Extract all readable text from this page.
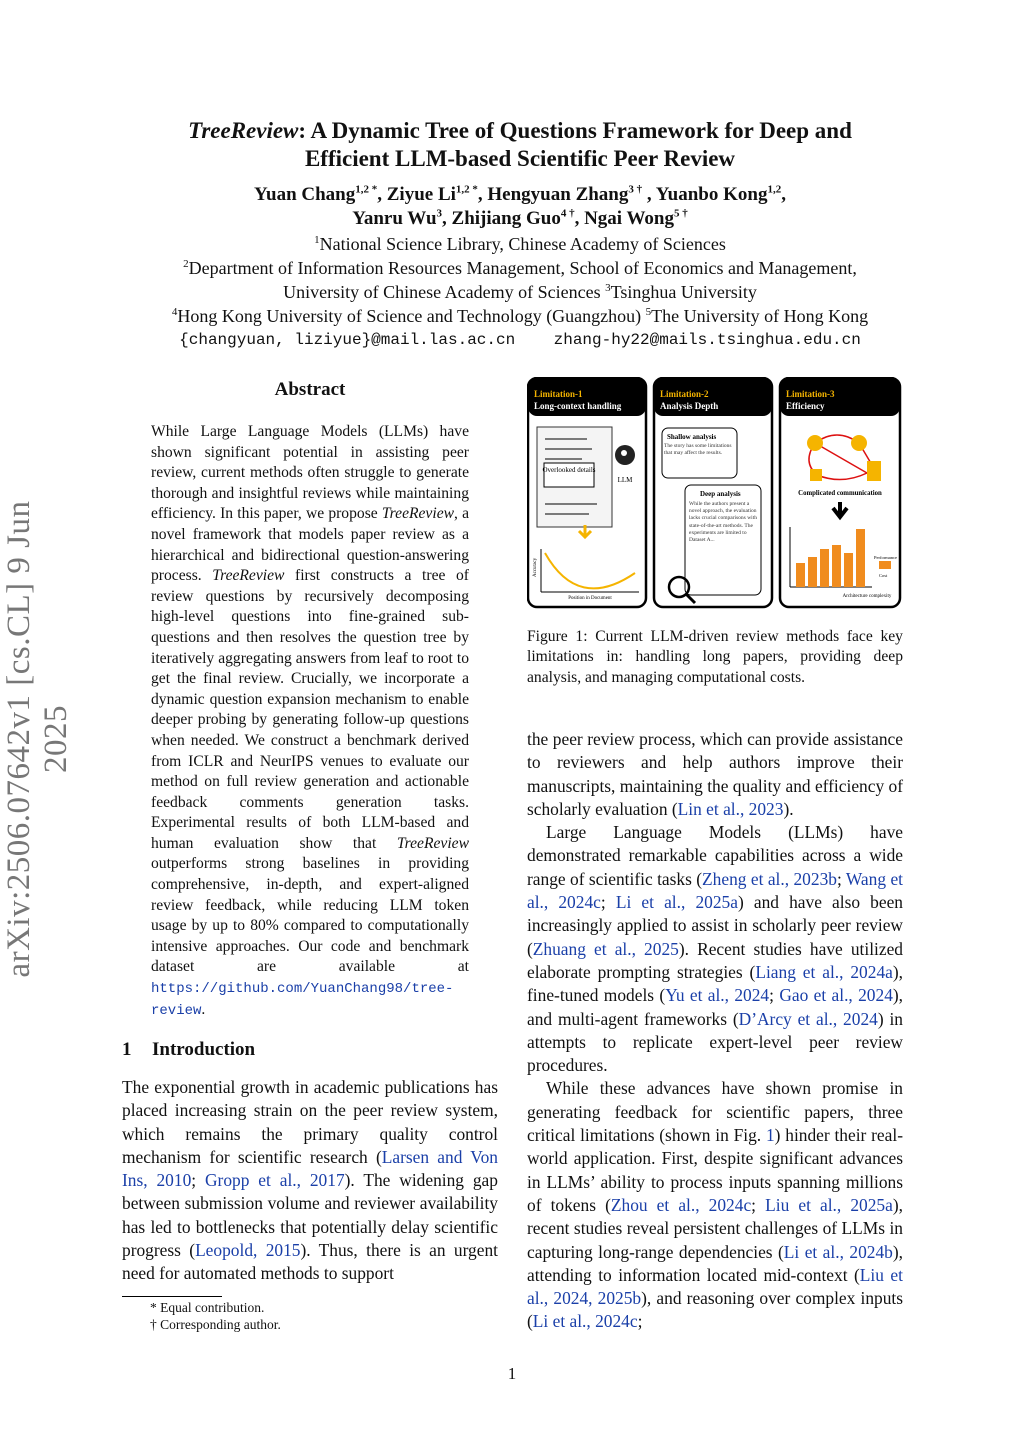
TreeReview: A Dynamic Tree of Questions Framework for Deep and
Efficient LLM-based Scientific Peer Review
Yuan Chang$^{1,2 *}$, Ziyue $Li^{1,2 *}$, Hengyuan Zhang$^{3 \dagger}$ , Yuanbo Kong$^{1,2}$,
Yanru Wu$^3$, Zhijiang Guo$^{4 \dagger}$, Ngai Wong$^{5 \dagger}$
$^1$National Science Library, Chinese Academy of Sciences
$^2$Department of Information Resources Management, School of Economics and Management,
University of Chinese Academy of Sciences $^3$Tsinghua University
$^4$Hong Kong University of Science and Technology (Guangzhou) $^5$The University of Hong Kong
{changyuan, liziyue}@mail.las.ac.cn zhang-hy22@mails.tsinghua.edu.cn
arXiv:2506.07642v1 [cs.CL] 9 Jun 2025
Abstract
While Large Language Models (LLMs) have shown significant potential in assisting peer review, current methods often struggle to generate thorough and insightful reviews while maintaining efficiency. In this paper, we propose TreeReview, a novel framework that models paper review as a hierarchical and bidirectional question-answering process. TreeReview first constructs a tree of review questions by recursively decomposing high-level questions into fine-grained sub-questions and then resolves the question tree by iteratively aggregating answers from leaf to root to get the final review. Crucially, we incorporate a dynamic question expansion mechanism to enable deeper probing by generating follow-up questions when needed. We construct a benchmark derived from ICLR and NeurIPS venues to evaluate our method on full review generation and actionable feedback comments generation tasks. Experimental results of both LLM-based and human evaluation show that TreeReview outperforms strong baselines in providing comprehensive, in-depth, and expert-aligned review feedback, while reducing LLM token usage by up to 80% compared to computationally intensive approaches. Our code and benchmark dataset are available at https://github.com/YuanChang98/tree-review.
1 Introduction

The exponential growth in academic publications has placed increasing strain on the peer review system, which remains the primary quality control mechanism for scientific research (Larsen and Von Ins, 2010; Gropp et al., 2017). The widening gap between submission volume and reviewer availability has led to bottlenecks that potentially delay scientific progress (Leopold, 2015). Thus, there is an urgent need for automated methods to support

* Equal contribution.
† Corresponding author.
Limitation-1
Long-context handling
Overlooked details
LLM
Accuracy
Position in Document
Limitation-2
Analysis Depth
Shallow analysis
The story has some limitations that may affect the results.
Deep analysis
While the authors present a novel approach, the evaluation lacks crucial comparisons with state-of-the-art methods. The experiments are limited to Dataset A...
Limitation-3
Efficiency
Complicated communication
Performance
Cost
Architecture complexity
Figure 1: Current LLM-driven review methods face key limitations in: handling long papers, providing deep analysis, and managing computational costs.

the peer review process, which can provide assistance to reviewers and help authors improve their manuscripts, maintaining the quality and efficiency of scholarly evaluation (Lin et al., 2023).

Large Language Models (LLMs) have demonstrated remarkable capabilities across a wide range of scientific tasks (Zheng et al., 2023b; Wang et al., 2024c; Li et al., 2025a) and have also been increasingly applied to assist in scholarly peer review (Zhuang et al., 2025). Recent studies have utilized elaborate prompting strategies (Liang et al., 2024a), fine-tuned models (Yu et al., 2024; Gao et al., 2024), and multi-agent frameworks (D’Arcy et al., 2024) in attempts to replicate expert-level peer review procedures.

While these advances have shown promise in generating feedback for scientific papers, three critical limitations (shown in Fig. 1) hinder their real-world application. First, despite significant advances in LLMs’ ability to process inputs spanning millions of tokens (Zhou et al., 2024c; Liu et al., 2025a), recent studies reveal persistent challenges of LLMs in capturing long-range dependencies (Li et al., 2024b), attending to information located mid-context (Liu et al., 2024, 2025b), and reasoning over complex inputs (Li et al., 2024c;

1
